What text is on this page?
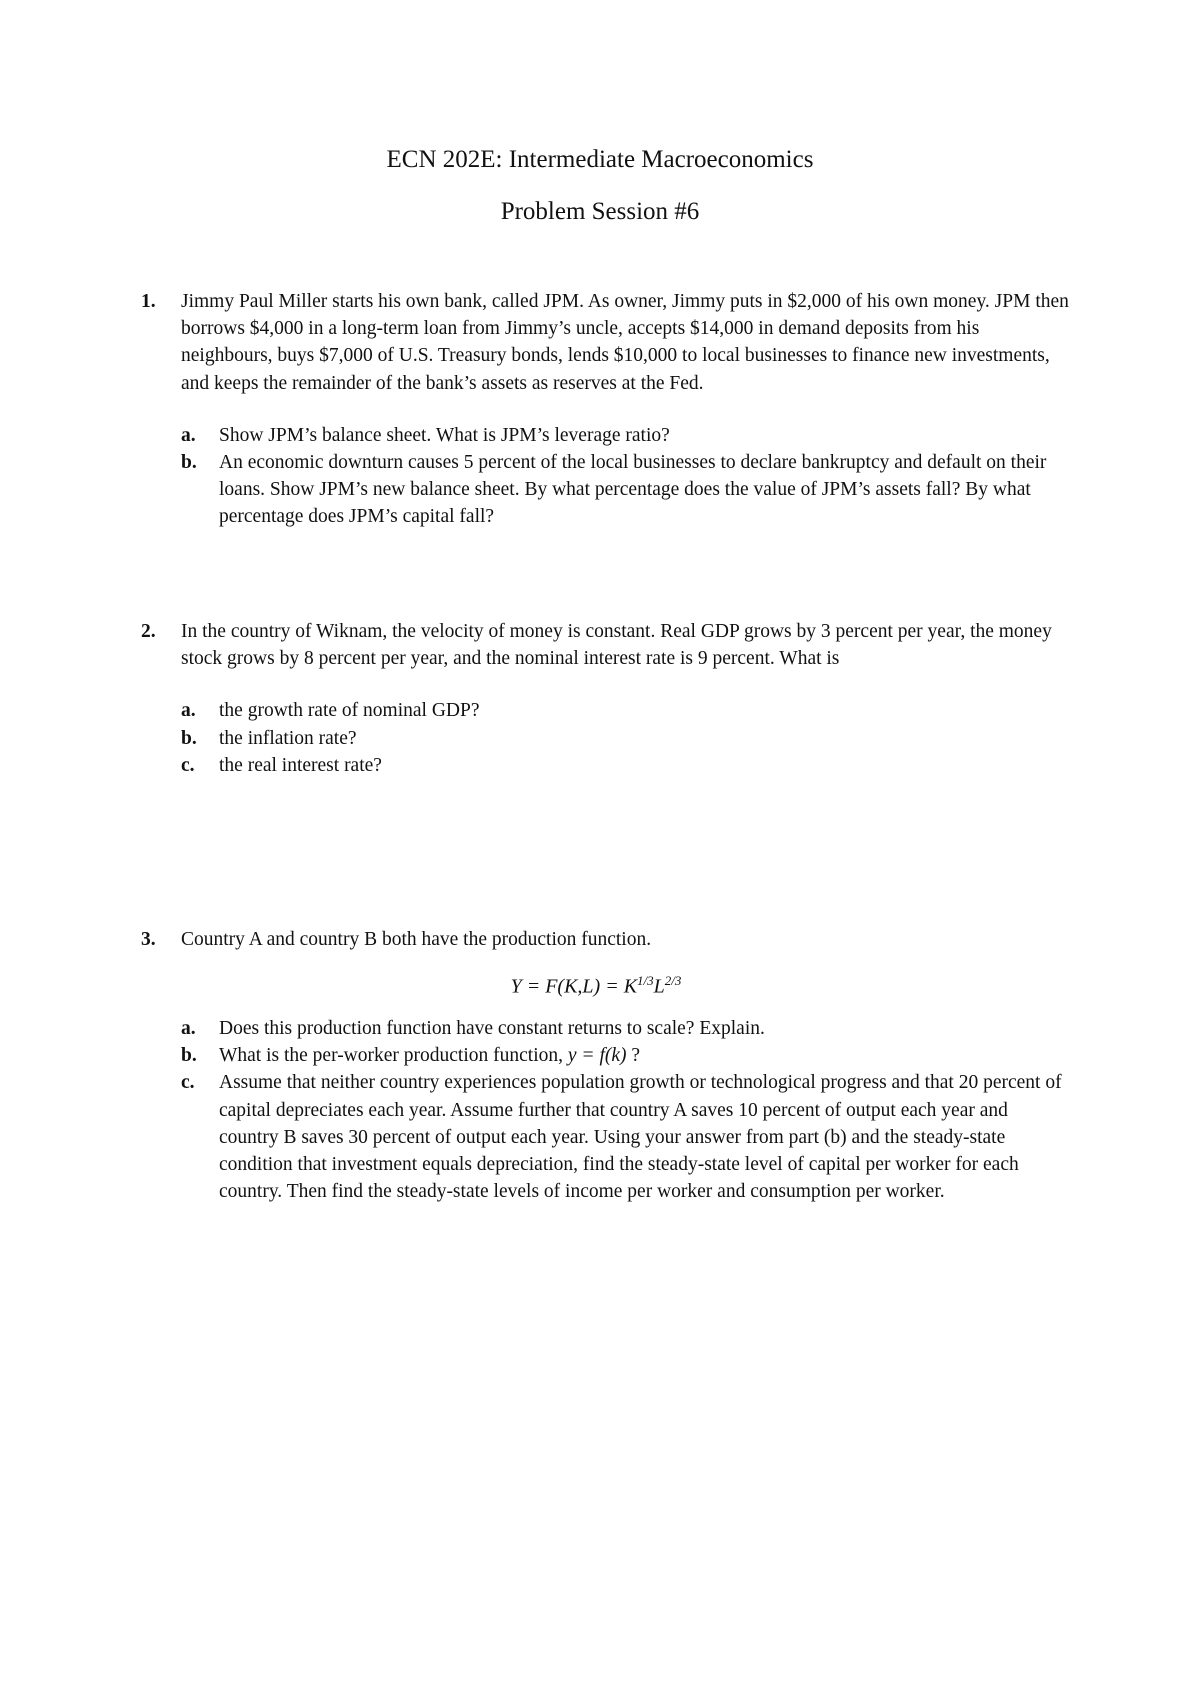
ECN 202E: Intermediate Macroeconomics
Problem Session #6
1. Jimmy Paul Miller starts his own bank, called JPM. As owner, Jimmy puts in $2,000 of his own money. JPM then borrows $4,000 in a long-term loan from Jimmy’s uncle, accepts $14,000 in demand deposits from his neighbours, buys $7,000 of U.S. Treasury bonds, lends $10,000 to local businesses to finance new investments, and keeps the remainder of the bank’s assets as reserves at the Fed.
a. Show JPM’s balance sheet. What is JPM’s leverage ratio?
b. An economic downturn causes 5 percent of the local businesses to declare bankruptcy and default on their loans. Show JPM’s new balance sheet. By what percentage does the value of JPM’s assets fall? By what percentage does JPM’s capital fall?
2. In the country of Wiknam, the velocity of money is constant. Real GDP grows by 3 percent per year, the money stock grows by 8 percent per year, and the nominal interest rate is 9 percent. What is
a. the growth rate of nominal GDP?
b. the inflation rate?
c. the real interest rate?
3. Country A and country B both have the production function.
$Y = F(K,L) = K^{1/3}L^{2/3}$
a. Does this production function have constant returns to scale? Explain.
b. What is the per-worker production function, y = f(k) ?
c. Assume that neither country experiences population growth or technological progress and that 20 percent of capital depreciates each year. Assume further that country A saves 10 percent of output each year and country B saves 30 percent of output each year. Using your answer from part (b) and the steady-state condition that investment equals depreciation, find the steady-state level of capital per worker for each country. Then find the steady-state levels of income per worker and consumption per worker.
